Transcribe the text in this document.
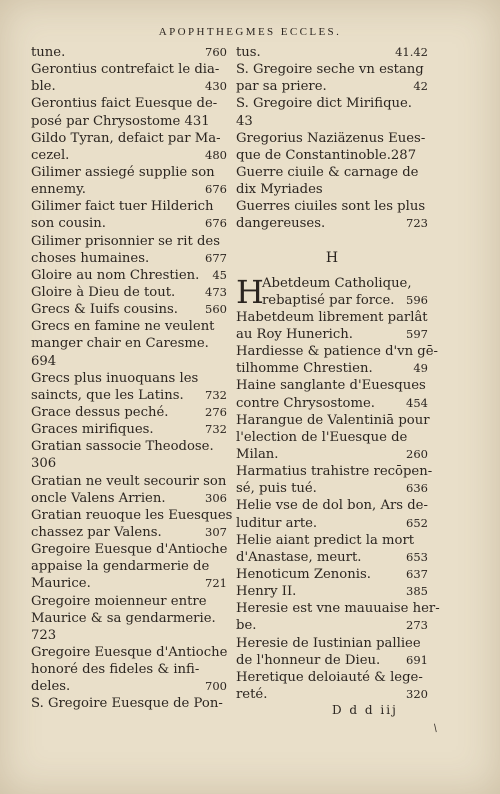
APOPHTHEGMES ECCLES.
tune.	760
Gerontius contrefaict le dia-
ble.	430
Gerontius faict Euesque de-
posé par Chrysostome 431
Gildo Tyran, defaict par Ma-
cezel.	480
Gilimer assiegé supplie son
ennemy.	676
Gilimer faict tuer Hilderich
son cousin.	676
Gilimer prisonnier se rit des
choses humaines.	677
Gloire au nom Chrestien. 45
Gloire à Dieu de tout.	473
Grecs & Iuifs cousins. 560
Grecs en famine ne veulent
manger chair en Caresme.
694
Grecs plus inuoquans les
saincts, que les Latins. 732
Grace dessus peché.	276
Graces mirifiques.	732
Gratian sassocie Theodose.
306
Gratian ne veult secourir son
oncle Valens Arrien.	306
Gratian reuoque les Euesques
chassez par Valens.	307
Gregoire Euesque d'Antioche
appaise la gendarmerie de
Maurice.	721
Gregoire moienneur entre
Maurice & sa gendarmerie.
723
Gregoire Euesque d'Antioche
honoré des fideles & infi-
deles.	700
S. Gregoire Euesque de Pon-
tus.	41.42
S. Gregoire seche vn estang
par sa priere.	42
S. Gregoire dict Mirifique.
43
Gregorius Naziäzenus Eues-
que de Constantinoble.287
Guerre ciuile & carnage de
dix Myriades
Guerres ciuiles sont les plus
dangereuses.	723
H
H
Abetdeum Catholique,
rebaptisé par force. 596
Habetdeum librement parlât
au Roy Hunerich.	597
Hardiesse & patience d'vn gē-
tilhomme Chrestien.	49
Haine sanglante d'Euesques
contre Chrysostome.	454
Harangue de Valentiniā pour
l'election de l'Euesque de
Milan.	260
Harmatius trahistre recōpen-
sé, puis tué.	636
Helie vse de dol bon, Ars de-
luditur arte.	652
Helie aiant predict la mort
d'Anastase, meurt.	653
Henoticum Zenonis.	637
Henry II.	385
Heresie est vne mauuaise her-
be.	273
Heresie de Iustinian palliee
de l'honneur de Dieu. 691
Heretique deloiauté & lege-
reté.	320
D d d iij
/
